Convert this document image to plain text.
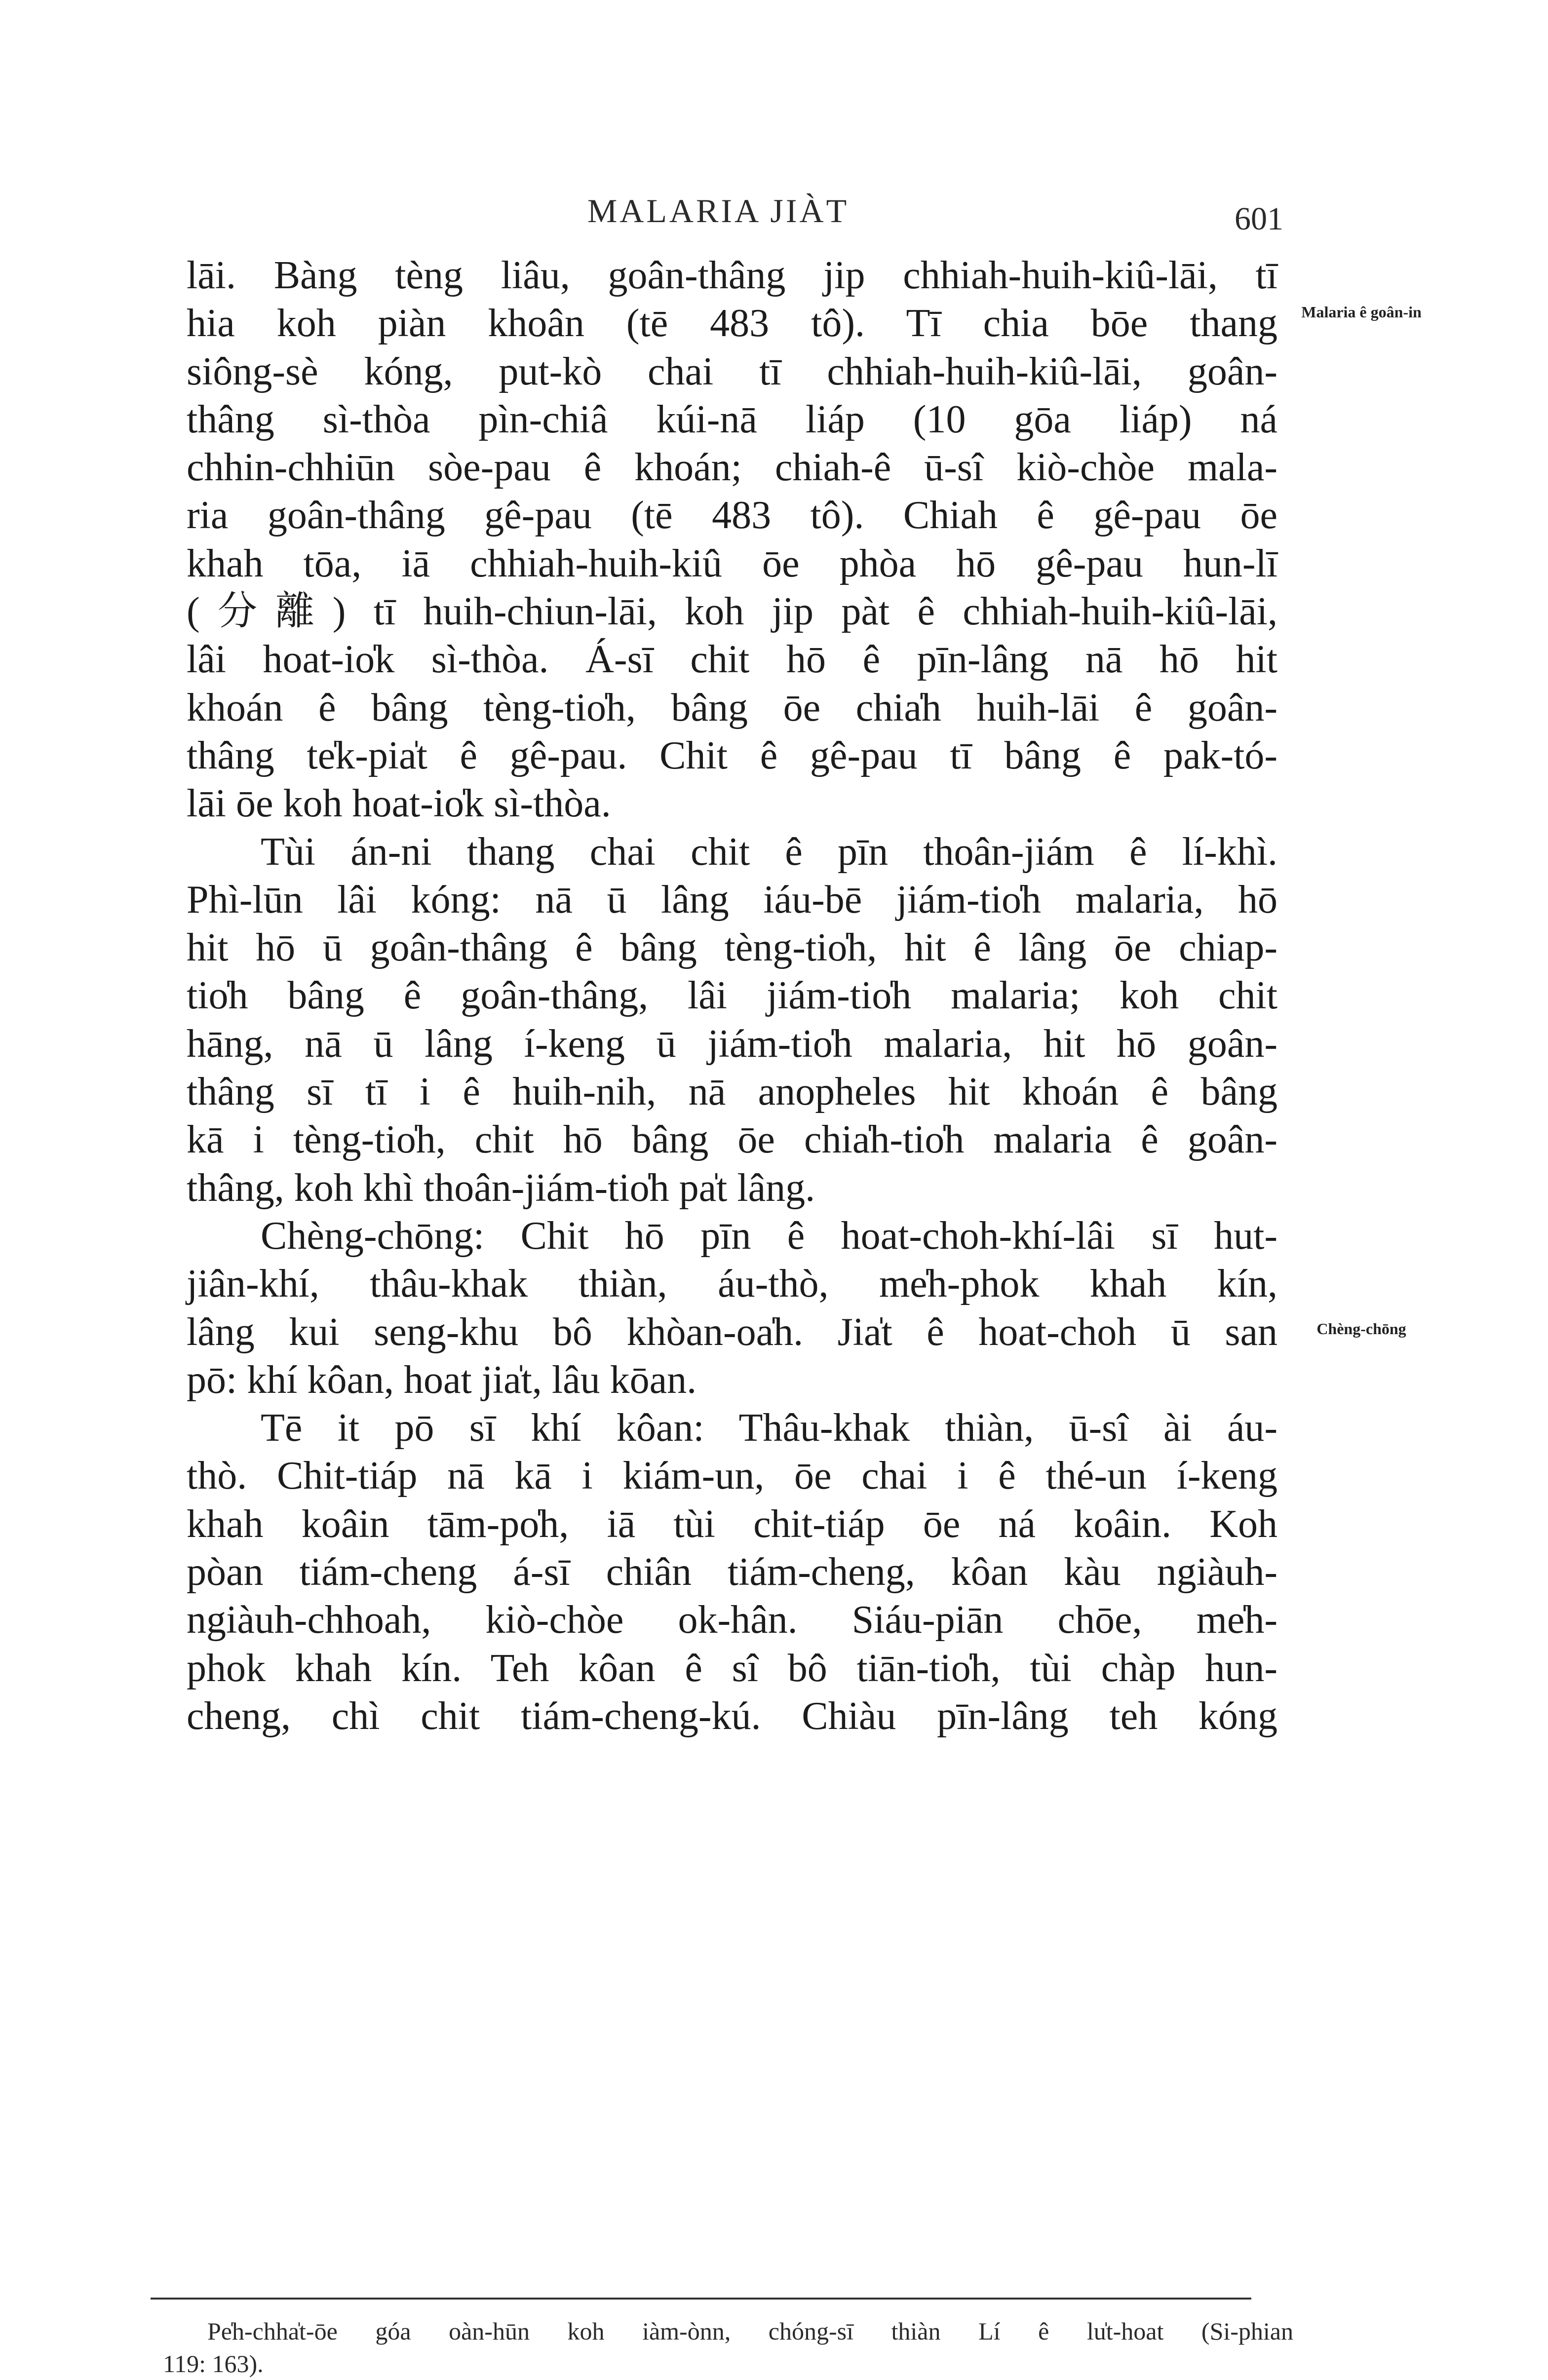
MALARIA JIÀT	601
Malaria ê goân-in
Chèng-chōng
lāi. Bàng tèng liâu, goân-thâng jip chhiah-huih-kiû-lāi, tī
hia koh piàn khoân (tē 483 tô). Tī chia bōe thang
siông-sè kóng, put-kò chai tī chhiah-huih-kiû-lāi, goân-
thâng sì-thòa pìn-chiâ kúi-nā liáp (10 gōa liáp) ná
chhin-chhiūn sòe-pau ê khoán; chiah-ê ū-sî kiò-chòe mala-
ria goân-thâng gê-pau (tē 483 tô). Chiah ê gê-pau ōe
khah tōa, iā chhiah-huih-kiû ōe phòa hō gê-pau hun-lī
(分離) tī huih-chiun-lāi, koh jip pàt ê chhiah-huih-kiû-lāi,
lâi hoat-io̍k sì-thòa. Á-sī chit hō ê pīn-lâng nā hō hit
khoán ê bâng tèng-tio̍h, bâng ōe chia̍h huih-lāi ê goân-
thâng te̍k-pia̍t ê gê-pau. Chit ê gê-pau tī bâng ê pak-tó-
lāi ōe koh hoat-io̍k sì-thòa.
Tùi án-ni thang chai chit ê pīn thoân-jiám ê lí-khì.
Phì-lūn lâi kóng: nā ū lâng iáu-bē jiám-tio̍h malaria, hō
hit hō ū goân-thâng ê bâng tèng-tio̍h, hit ê lâng ōe chiap-
tio̍h bâng ê goân-thâng, lâi jiám-tio̍h malaria; koh chit
hāng, nā ū lâng í-keng ū jiám-tio̍h malaria, hit hō goân-
thâng sī tī i ê huih-nih, nā anopheles hit khoán ê bâng
kā i tèng-tio̍h, chit hō bâng ōe chia̍h-tio̍h malaria ê goân-
thâng, koh khì thoân-jiám-tio̍h pa̍t lâng.
Chèng-chōng: Chit hō pīn ê hoat-choh-khí-lâi sī hut-
jiân-khí, thâu-khak thiàn, áu-thò, me̍h-phok khah kín,
lâng kui seng-khu bô khòan-oa̍h. Jia̍t ê hoat-choh ū san
pō: khí kôan, hoat jia̍t, lâu kōan.
Tē it pō sī khí kôan: Thâu-khak thiàn, ū-sî ài áu-
thò. Chit-tiáp nā kā i kiám-un, ōe chai i ê thé-un í-keng
khah koâin tām-po̍h, iā tùi chit-tiáp ōe ná koâin. Koh
pòan tiám-cheng á-sī chiân tiám-cheng, kôan kàu ngiàuh-
ngiàuh-chhoah, kiò-chòe ok-hân. Siáu-piān chōe, me̍h-
phok khah kín. Teh kôan ê sî bô tiān-tio̍h, tùi chàp hun-
cheng, chì chit tiám-cheng-kú. Chiàu pīn-lâng teh kóng
Pe̍h-chha̍t-ōe góa oàn-hūn koh iàm-ònn, chóng-sī thiàn Lí ê lu̍t-hoat (Si-phian
119: 163).
